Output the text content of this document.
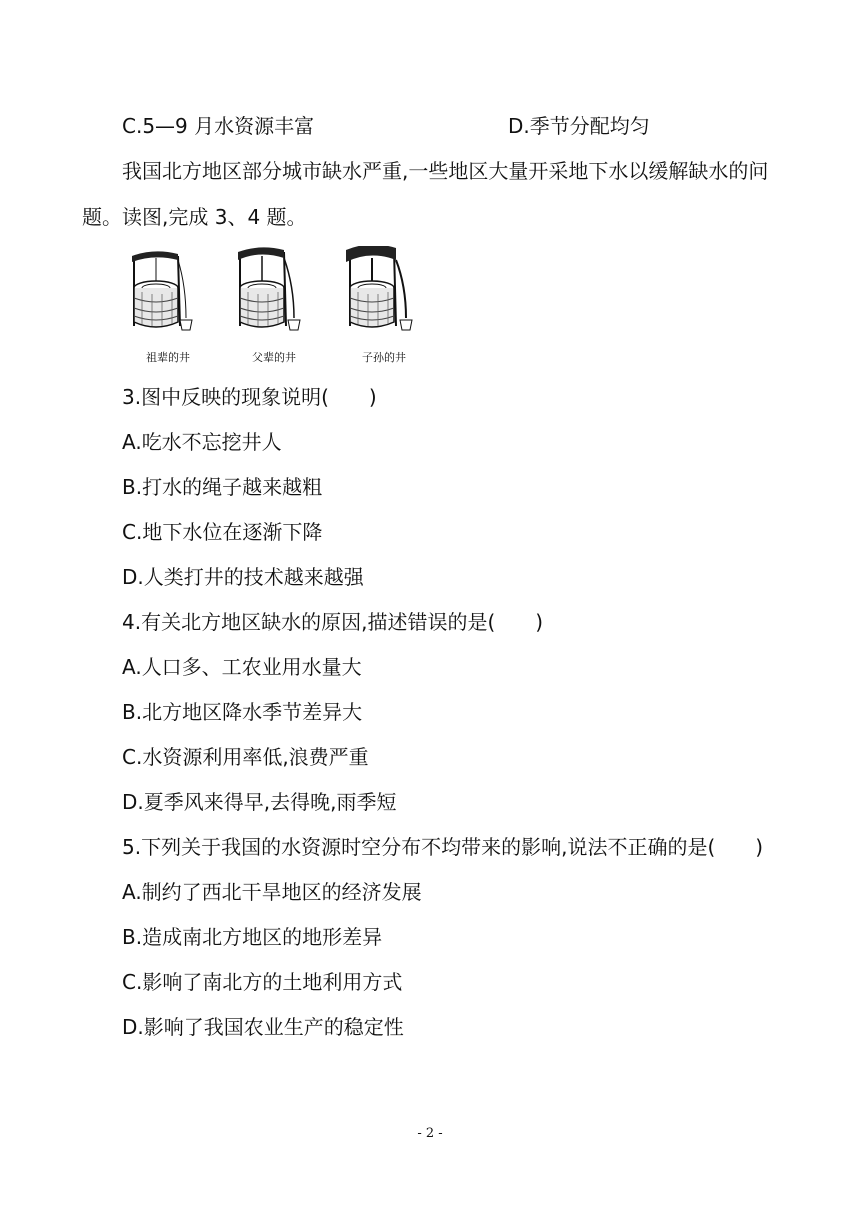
C.5—9 月水资源丰富	D.季节分配均匀
我国北方地区部分城市缺水严重,一些地区大量开采地下水以缓解缺水的问
题。读图,完成 3、4 题。
祖辈的井	父辈的井	子孙的井
3.图中反映的现象说明(　　)
A.吃水不忘挖井人
B.打水的绳子越来越粗
C.地下水位在逐渐下降
D.人类打井的技术越来越强
4.有关北方地区缺水的原因,描述错误的是(　　)
A.人口多、工农业用水量大
B.北方地区降水季节差异大
C.水资源利用率低,浪费严重
D.夏季风来得早,去得晚,雨季短
5.下列关于我国的水资源时空分布不均带来的影响,说法不正确的是(　　)
A.制约了西北干旱地区的经济发展
B.造成南北方地区的地形差异
C.影响了南北方的土地利用方式
D.影响了我国农业生产的稳定性
- 2 -
